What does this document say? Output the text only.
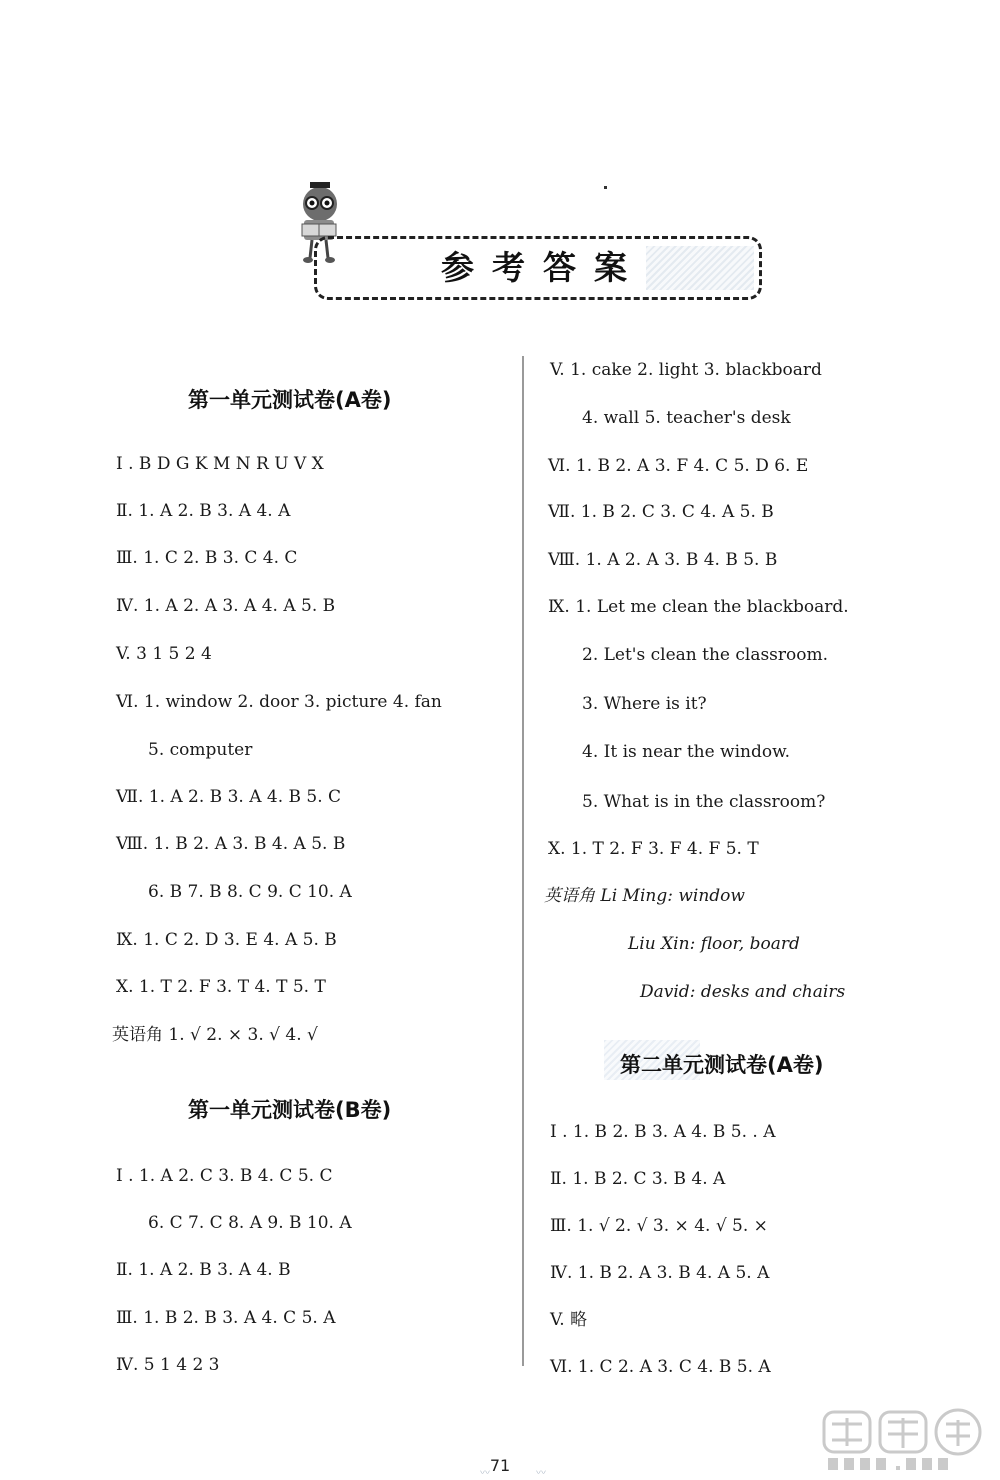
参考答案
第一单元测试卷(A卷)
I . B D G K M N R U V X
Ⅱ. 1. A 2. B 3. A 4. A
Ⅲ. 1. C 2. B 3. C 4. C
Ⅳ. 1. A 2. A 3. A 4. A 5. B
V. 3 1 5 2 4
Ⅵ. 1. window 2. door 3. picture 4. fan
5. computer
Ⅶ. 1. A 2. B 3. A 4. B 5. C
Ⅷ. 1. B 2. A 3. B 4. A 5. B
6. B 7. B 8. C 9. C 10. A
Ⅸ. 1. C 2. D 3. E 4. A 5. B
X. 1. T 2. F 3. T 4. T 5. T
英语角 1. √ 2. × 3. √ 4. √
第一单元测试卷(B卷)
I . 1. A 2. C 3. B 4. C 5. C
6. C 7. C 8. A 9. B 10. A
Ⅱ. 1. A 2. B 3. A 4. B
Ⅲ. 1. B 2. B 3. A 4. C 5. A
Ⅳ. 5 1 4 2 3
V. 1. cake 2. light 3. blackboard
4. wall 5. teacher's desk
Ⅵ. 1. B 2. A 3. F 4. C 5. D 6. E
Ⅶ. 1. B 2. C 3. C 4. A 5. B
Ⅷ. 1. A 2. A 3. B 4. B 5. B
Ⅸ. 1. Let me clean the blackboard.
2. Let's clean the classroom.
3. Where is it?
4. It is near the window.
5. What is in the classroom?
X. 1. T 2. F 3. F 4. F 5. T
英语角 Li Ming: window
Liu Xin: floor, board
David: desks and chairs
第二单元测试卷(A卷)
I . 1. B 2. B 3. A 4. B 5. . A
Ⅱ. 1. B 2. C 3. B 4. A
Ⅲ. 1. √ 2. √ 3. × 4. √ 5. ×
Ⅳ. 1. B 2. A 3. B 4. A 5. A
V. 略
Ⅵ. 1. C 2. A 3. C 4. B 5. A
〰 71	〰
